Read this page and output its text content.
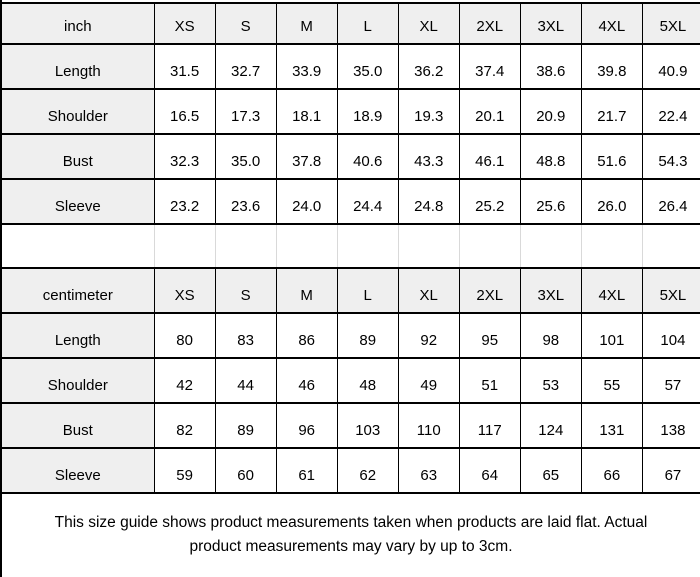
inch	XS	S	M	L	XL	2XL	3XL	4XL	5XL
Length	31.5	32.7	33.9	35.0	36.2	37.4	38.6	39.8	40.9
Shoulder	16.5	17.3	18.1	18.9	19.3	20.1	20.9	21.7	22.4
Bust	32.3	35.0	37.8	40.6	43.3	46.1	48.8	51.6	54.3
Sleeve	23.2	23.6	24.0	24.4	24.8	25.2	25.6	26.0	26.4

centimeter	XS	S	M	L	XL	2XL	3XL	4XL	5XL
Length	80	83	86	89	92	95	98	101	104
Shoulder	42	44	46	48	49	51	53	55	57
Bust	82	89	96	103	110	117	124	131	138
Sleeve	59	60	61	62	63	64	65	66	67

This size guide shows product measurements taken when products are laid flat. Actual product measurements may vary by up to 3cm.
